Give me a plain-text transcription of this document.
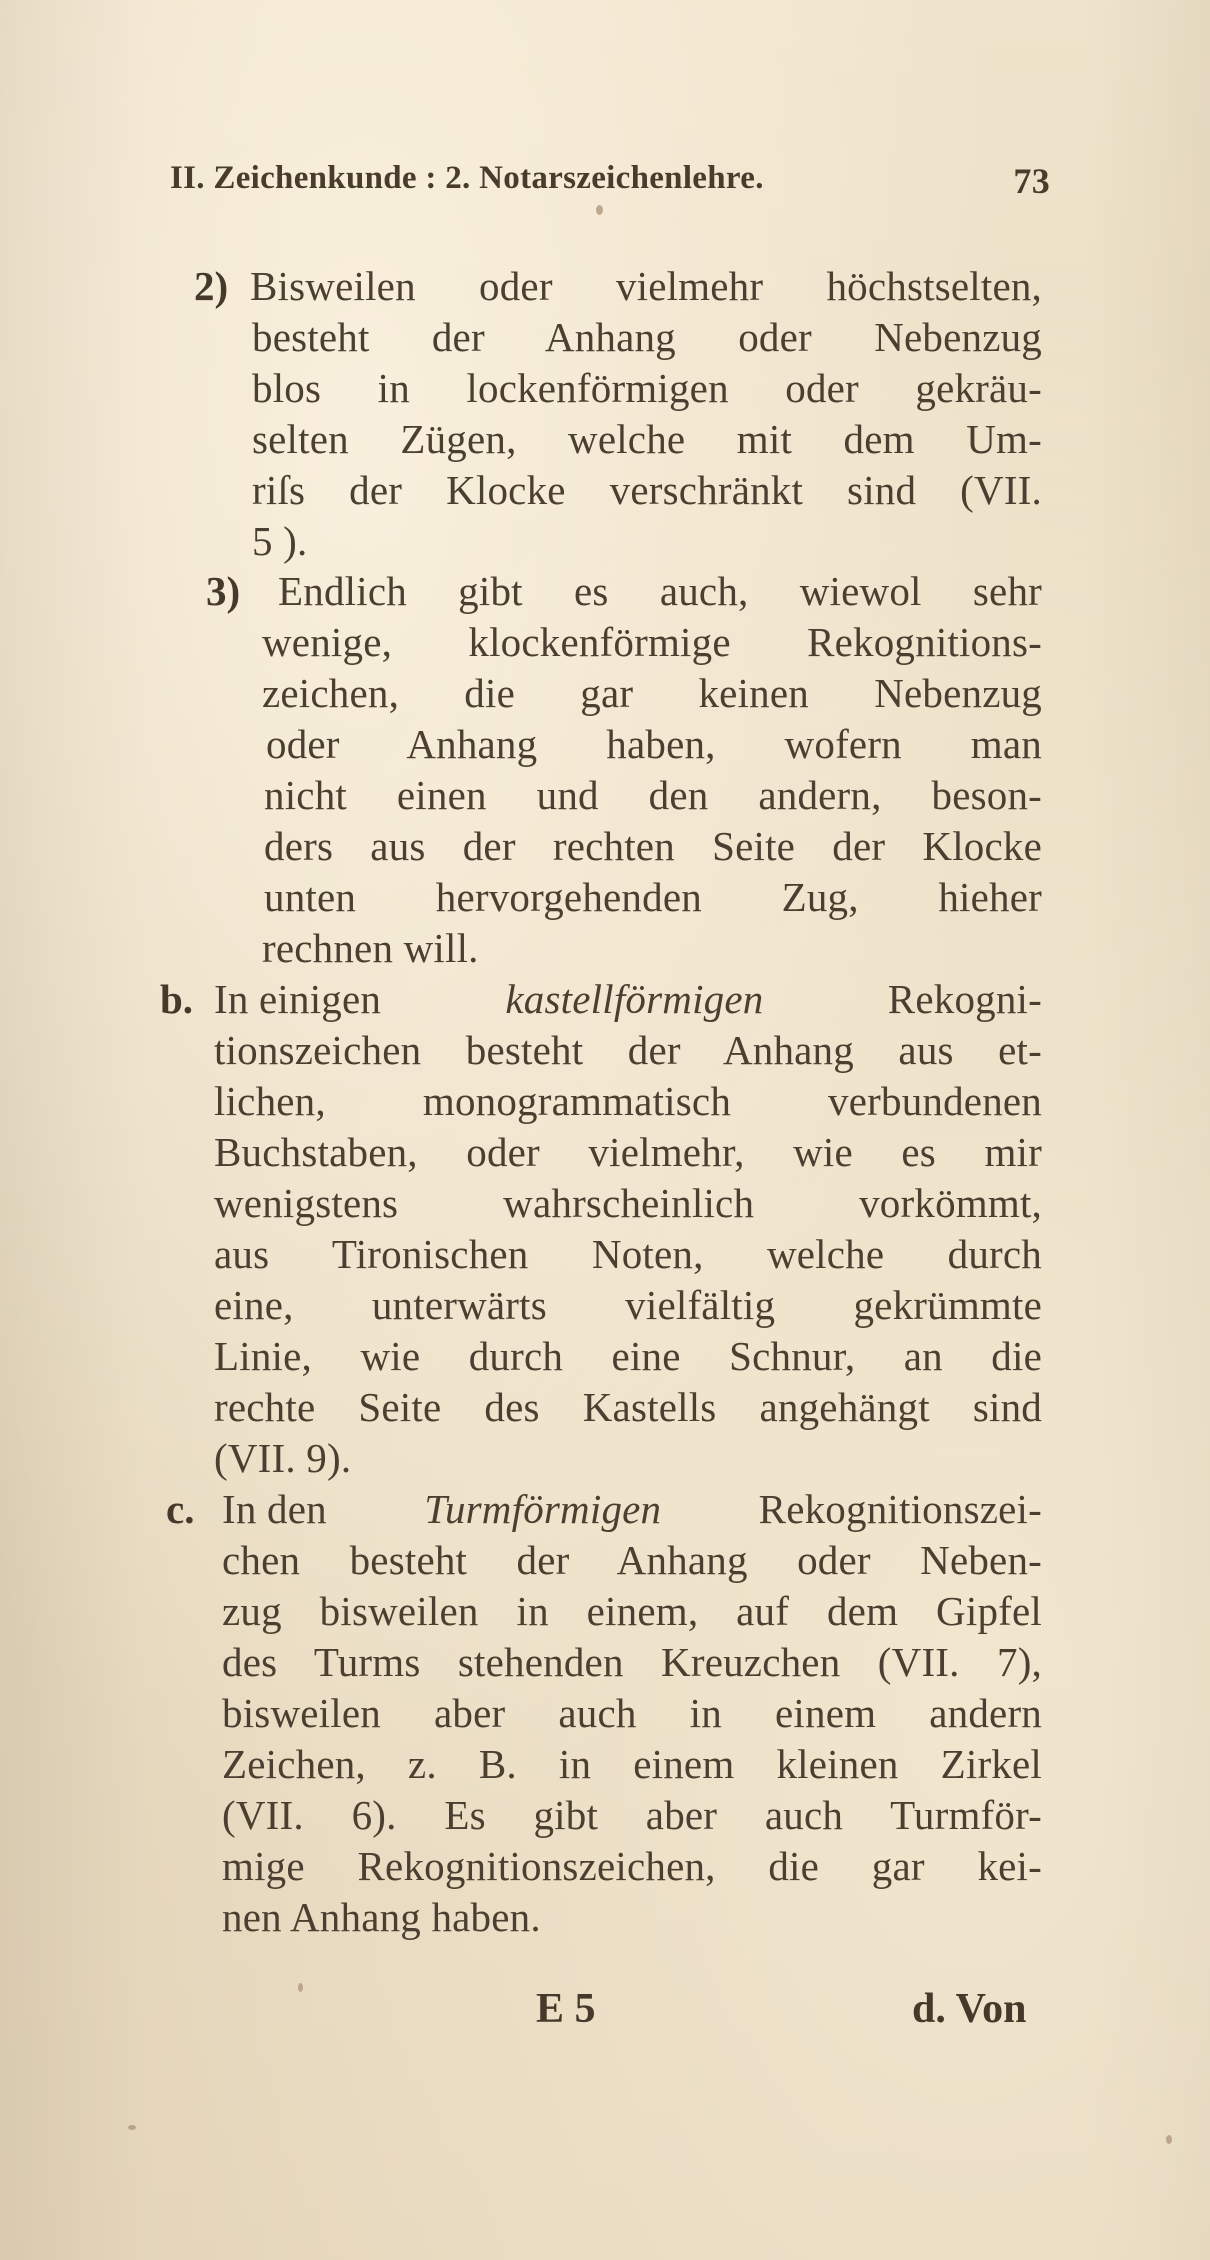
II. Zeichenkunde : 2. Notarszeichenlehre.	73
2) Bisweilen oder vielmehr höchstselten,
besteht der Anhang oder Nebenzug
blos in lockenförmigen oder gekräu-
selten Zügen, welche mit dem Um-
riſs der Klocke verschränkt sind (VII.
5 ).
3) Endlich gibt es auch, wiewol sehr
wenige, klockenförmige Rekognitions-
zeichen, die gar keinen Nebenzug
oder Anhang haben, wofern man
nicht einen und den andern, beson-
ders aus der rechten Seite der Klocke
unten hervorgehenden Zug, hieher
rechnen will.
b. In einigen	kastellförmigen	Rekogni-
tionszeichen besteht der Anhang aus et-
lichen, monogrammatisch verbundenen
Buchstaben, oder vielmehr, wie es mir
wenigstens wahrscheinlich vorkömmt,
aus Tironischen Noten, welche durch
eine, unterwärts vielfältig gekrümmte
Linie, wie durch eine Schnur, an die
rechte Seite des Kastells angehängt sind
(VII. 9).
c. In den Turmförmigen Rekognitionszei-
chen besteht der Anhang oder Neben-
zug bisweilen in einem, auf dem Gipfel
des Turms stehenden Kreuzchen (VII. 7),
bisweilen aber auch in einem andern
Zeichen, z. B. in einem kleinen Zirkel
(VII. 6). Es gibt aber auch Turmför-
mige Rekognitionszeichen, die gar kei-
nen Anhang haben.
E 5	d. Von
